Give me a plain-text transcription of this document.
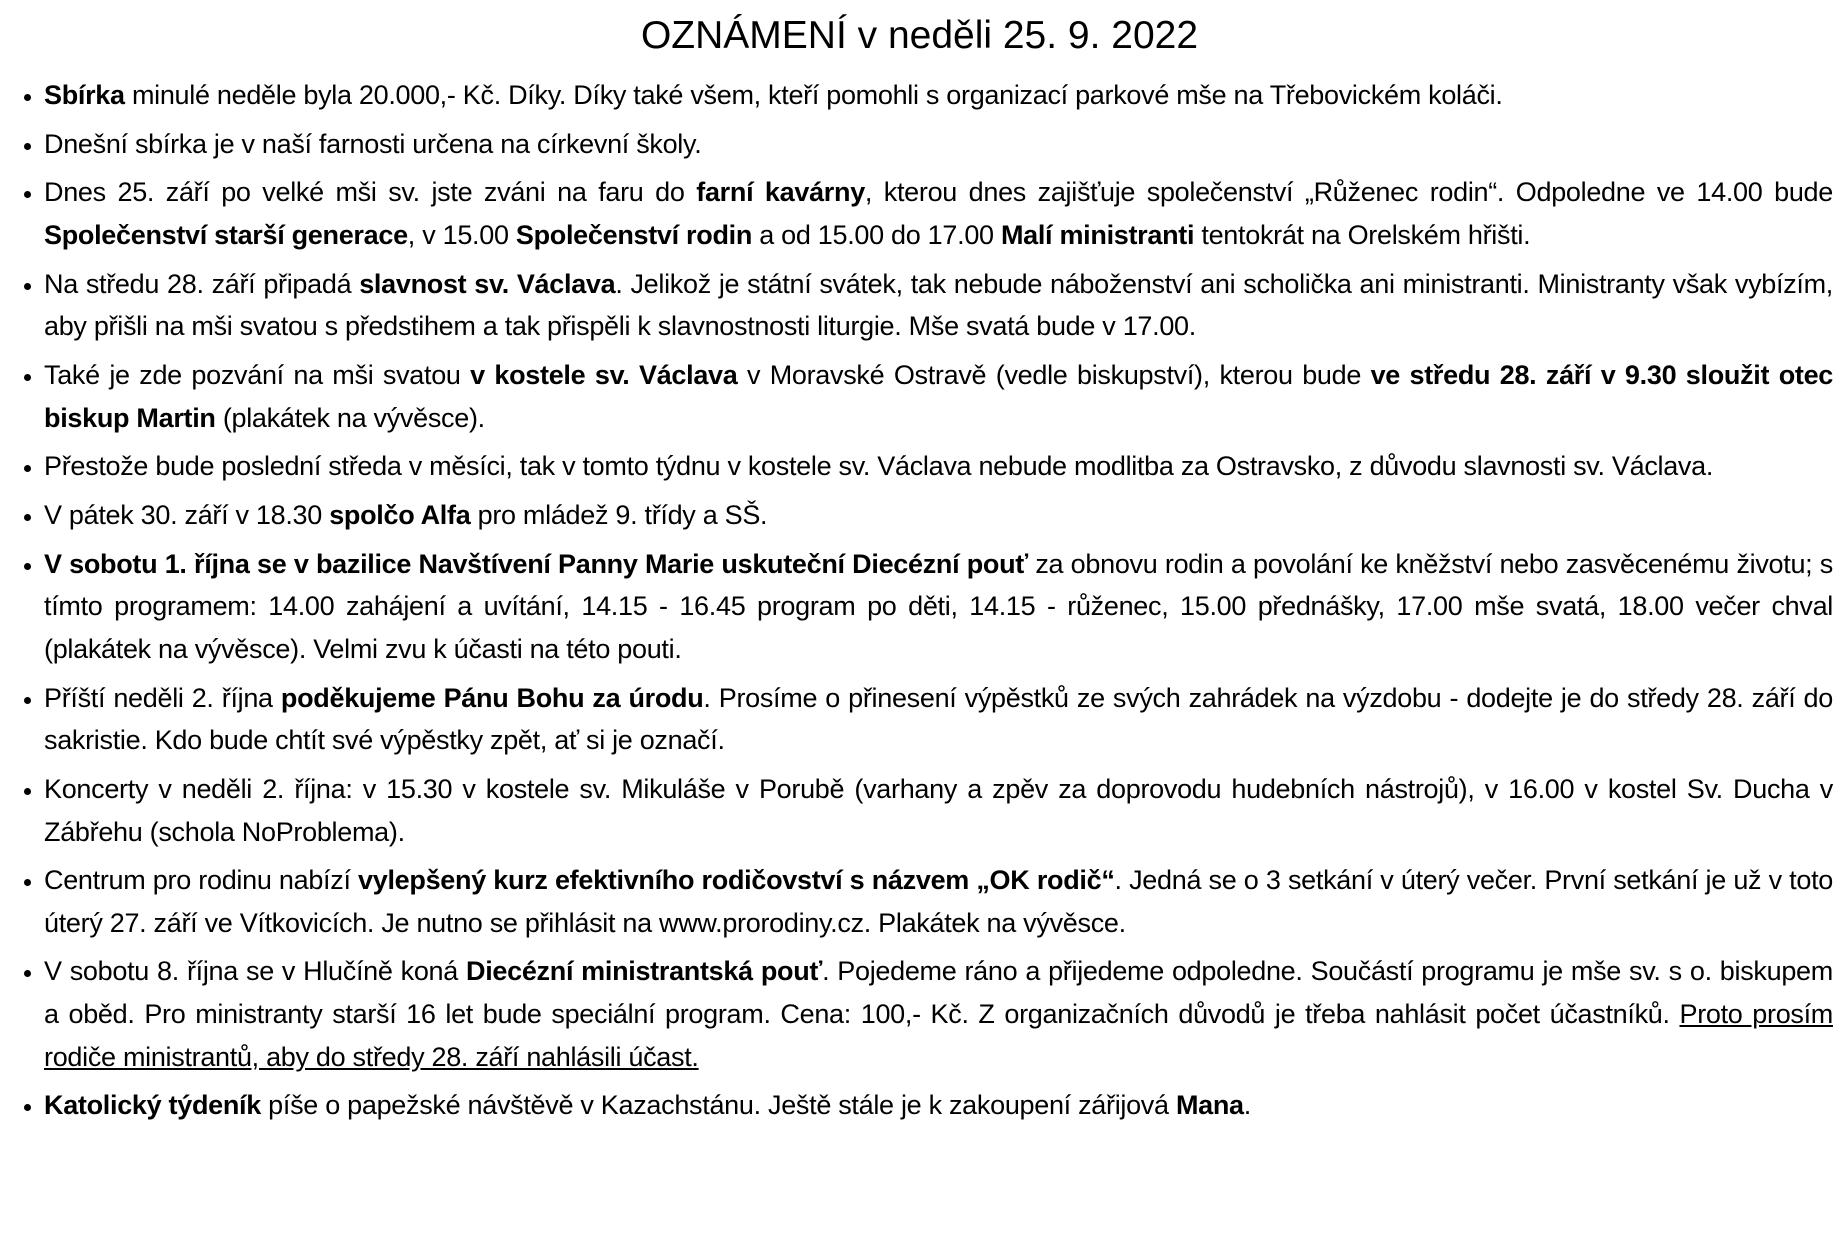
OZNÁMENÍ v neděli 25. 9. 2022
• Sbírka minulé neděle byla 20.000,- Kč. Díky. Díky také všem, kteří pomohli s organizací parkové mše na Třebovickém koláči.
• Dnešní sbírka je v naší farnosti určena na církevní školy.
• Dnes 25. září po velké mši sv. jste zváni na faru do farní kavárny, kterou dnes zajišťuje společenství „Růženec rodin“. Odpoledne ve 14.00 bude Společenství starší generace, v 15.00 Společenství rodin a od 15.00 do 17.00 Malí ministranti tentokrát na Orelském hřišti.
• Na středu 28. září připadá slavnost sv. Václava. Jelikož je státní svátek, tak nebude náboženství ani scholička ani ministranti. Ministranty však vybízím, aby přišli na mši svatou s předstihem a tak přispěli k slavnostnosti liturgie. Mše svatá bude v 17.00.
• Také je zde pozvání na mši svatou v kostele sv. Václava v Moravské Ostravě (vedle biskupství), kterou bude ve středu 28. září v 9.30 sloužit otec biskup Martin (plakátek na vývěsce).
• Přestože bude poslední středa v měsíci, tak v tomto týdnu v kostele sv. Václava nebude modlitba za Ostravsko, z důvodu slavnosti sv. Václava.
• V pátek 30. září v 18.30 spolčo Alfa pro mládež 9. třídy a SŠ.
• V sobotu 1. října se v bazilice Navštívení Panny Marie uskuteční Diecézní pouť za obnovu rodin a povolání ke kněžství nebo zasvěcenému životu; s tímto programem: 14.00 zahájení a uvítání, 14.15 - 16.45 program po děti, 14.15 - růženec, 15.00 přednášky, 17.00 mše svatá, 18.00 večer chval (plakátek na vývěsce). Velmi zvu k účasti na této pouti.
• Příští neděli 2. října poděkujeme Pánu Bohu za úrodu. Prosíme o přinesení výpěstků ze svých zahrádek na výzdobu - dodejte je do středy 28. září do sakristie. Kdo bude chtít své výpěstky zpět, ať si je označí.
• Koncerty v neděli 2. října: v 15.30 v kostele sv. Mikuláše v Porubě (varhany a zpěv za doprovodu hudebních nástrojů), v 16.00 v kostel Sv. Ducha v Zábřehu (schola NoProblema).
• Centrum pro rodinu nabízí vylepšený kurz efektivního rodičovství s názvem „OK rodič“. Jedná se o 3 setkání v úterý večer. První setkání je už v toto úterý 27. září ve Vítkovicích. Je nutno se přihlásit na www.prorodiny.cz. Plakátek na vývěsce.
• V sobotu 8. října se v Hlučíně koná Diecézní ministrantská pouť. Pojedeme ráno a přijedeme odpoledne. Součástí programu je mše sv. s o. biskupem a oběd. Pro ministranty starší 16 let bude speciální program. Cena: 100,- Kč. Z organizačních důvodů je třeba nahlásit počet účastníků. Proto prosím rodiče ministrantů, aby do středy 28. září nahlásili účast.
• Katolický týdeník píše o papežské návštěvě v Kazachstánu. Ještě stále je k zakoupení zářijová Mana.
